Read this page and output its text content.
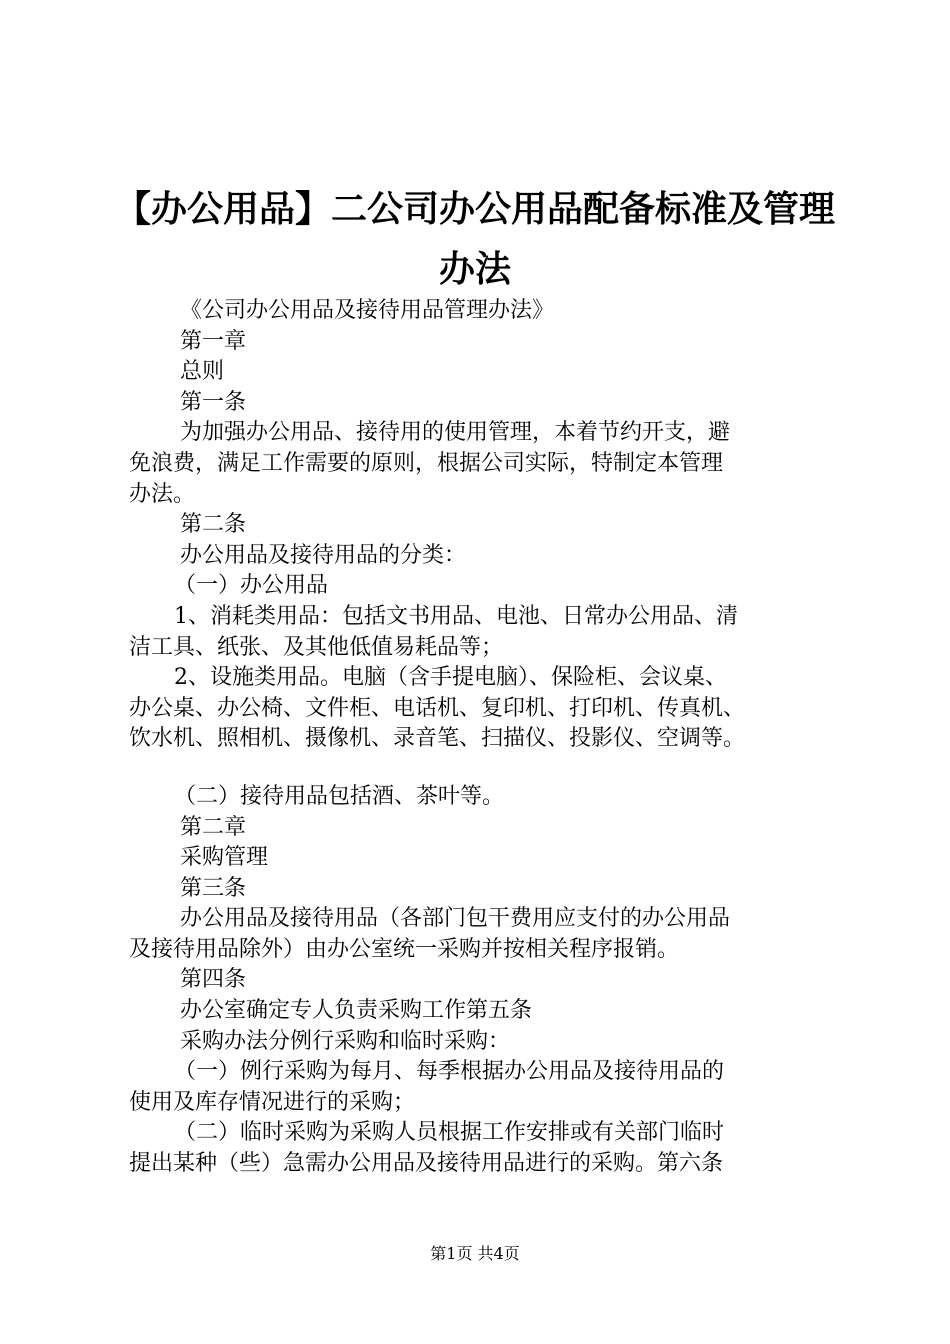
【办公用品】二公司办公用品配备标准及管理
办法
《公司办公用品及接待用品管理办法》
第一章
总则
第一条
为加强办公用品、接待用的使用管理，本着节约开支，避
免浪费，满足工作需要的原则，根据公司实际，特制定本管理
办法。
第二条
办公用品及接待用品的分类：
（一）办公用品
1、消耗类用品：包括文书用品、电池、日常办公用品、清
洁工具、纸张、及其他低值易耗品等；
2、设施类用品。电脑（含手提电脑）、保险柜、会议桌、
办公桌、办公椅、文件柜、电话机、复印机、打印机、传真机、
饮水机、照相机、摄像机、录音笔、扫描仪、投影仪、空调等。
（二）接待用品包括酒、茶叶等。
第二章
采购管理
第三条
办公用品及接待用品（各部门包干费用应支付的办公用品
及接待用品除外）由办公室统一采购并按相关程序报销。
第四条
办公室确定专人负责采购工作第五条
采购办法分例行采购和临时采购：
（一）例行采购为每月、每季根据办公用品及接待用品的
使用及库存情况进行的采购；
（二）临时采购为采购人员根据工作安排或有关部门临时
提出某种（些）急需办公用品及接待用品进行的采购。第六条
第1页 共4页
